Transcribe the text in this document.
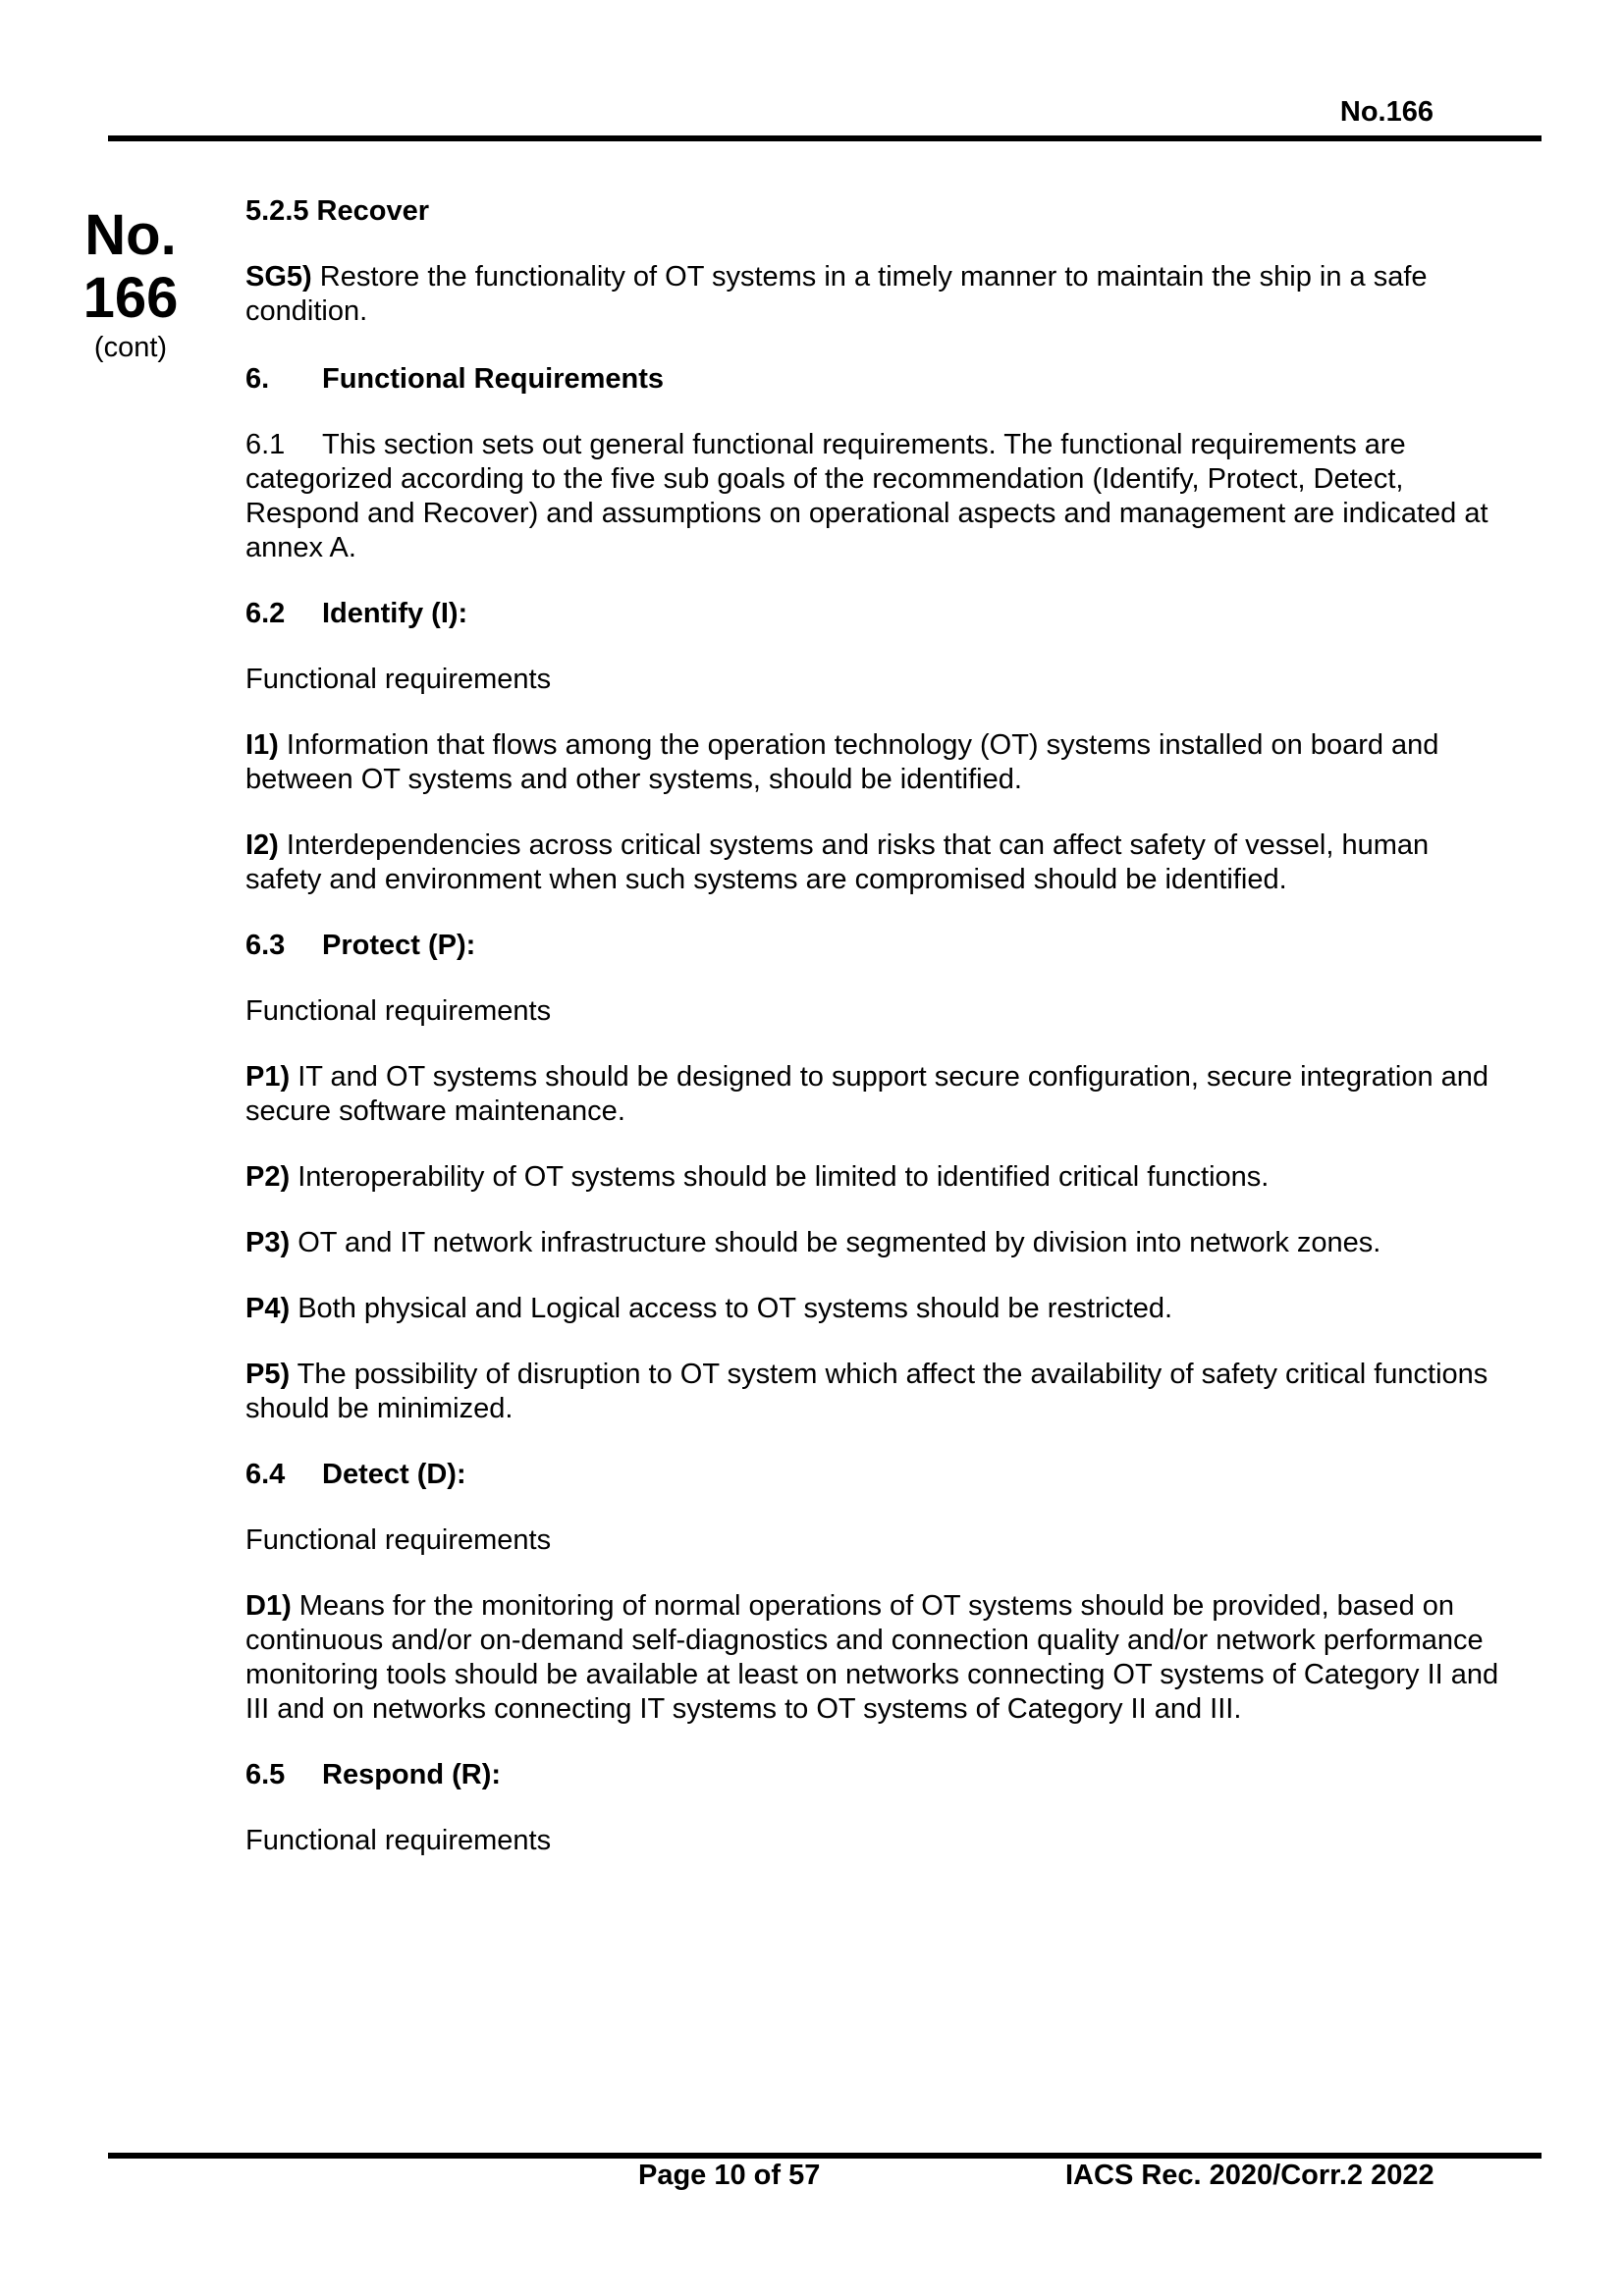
No.166
No.
166
(cont)

5.2.5 Recover

SG5) Restore the functionality of OT systems in a timely manner to maintain the ship in a safe condition.

6. Functional Requirements

6.1 This section sets out general functional requirements. The functional requirements are categorized according to the five sub goals of the recommendation (Identify, Protect, Detect, Respond and Recover) and assumptions on operational aspects and management are indicated at annex A.

6.2 Identify (I):

Functional requirements

I1) Information that flows among the operation technology (OT) systems installed on board and between OT systems and other systems, should be identified.

I2) Interdependencies across critical systems and risks that can affect safety of vessel, human safety and environment when such systems are compromised should be identified.

6.3 Protect (P):

Functional requirements

P1) IT and OT systems should be designed to support secure configuration, secure integration and secure software maintenance.

P2) Interoperability of OT systems should be limited to identified critical functions.

P3) OT and IT network infrastructure should be segmented by division into network zones.

P4) Both physical and Logical access to OT systems should be restricted.

P5) The possibility of disruption to OT system which affect the availability of safety critical functions should be minimized.

6.4 Detect (D):

Functional requirements

D1) Means for the monitoring of normal operations of OT systems should be provided, based on continuous and/or on-demand self-diagnostics and connection quality and/or network performance monitoring tools should be available at least on networks connecting OT systems of Category II and III and on networks connecting IT systems to OT systems of Category II and III.

6.5 Respond (R):

Functional requirements

Page 10 of 57	IACS Rec. 2020/Corr.2 2022
